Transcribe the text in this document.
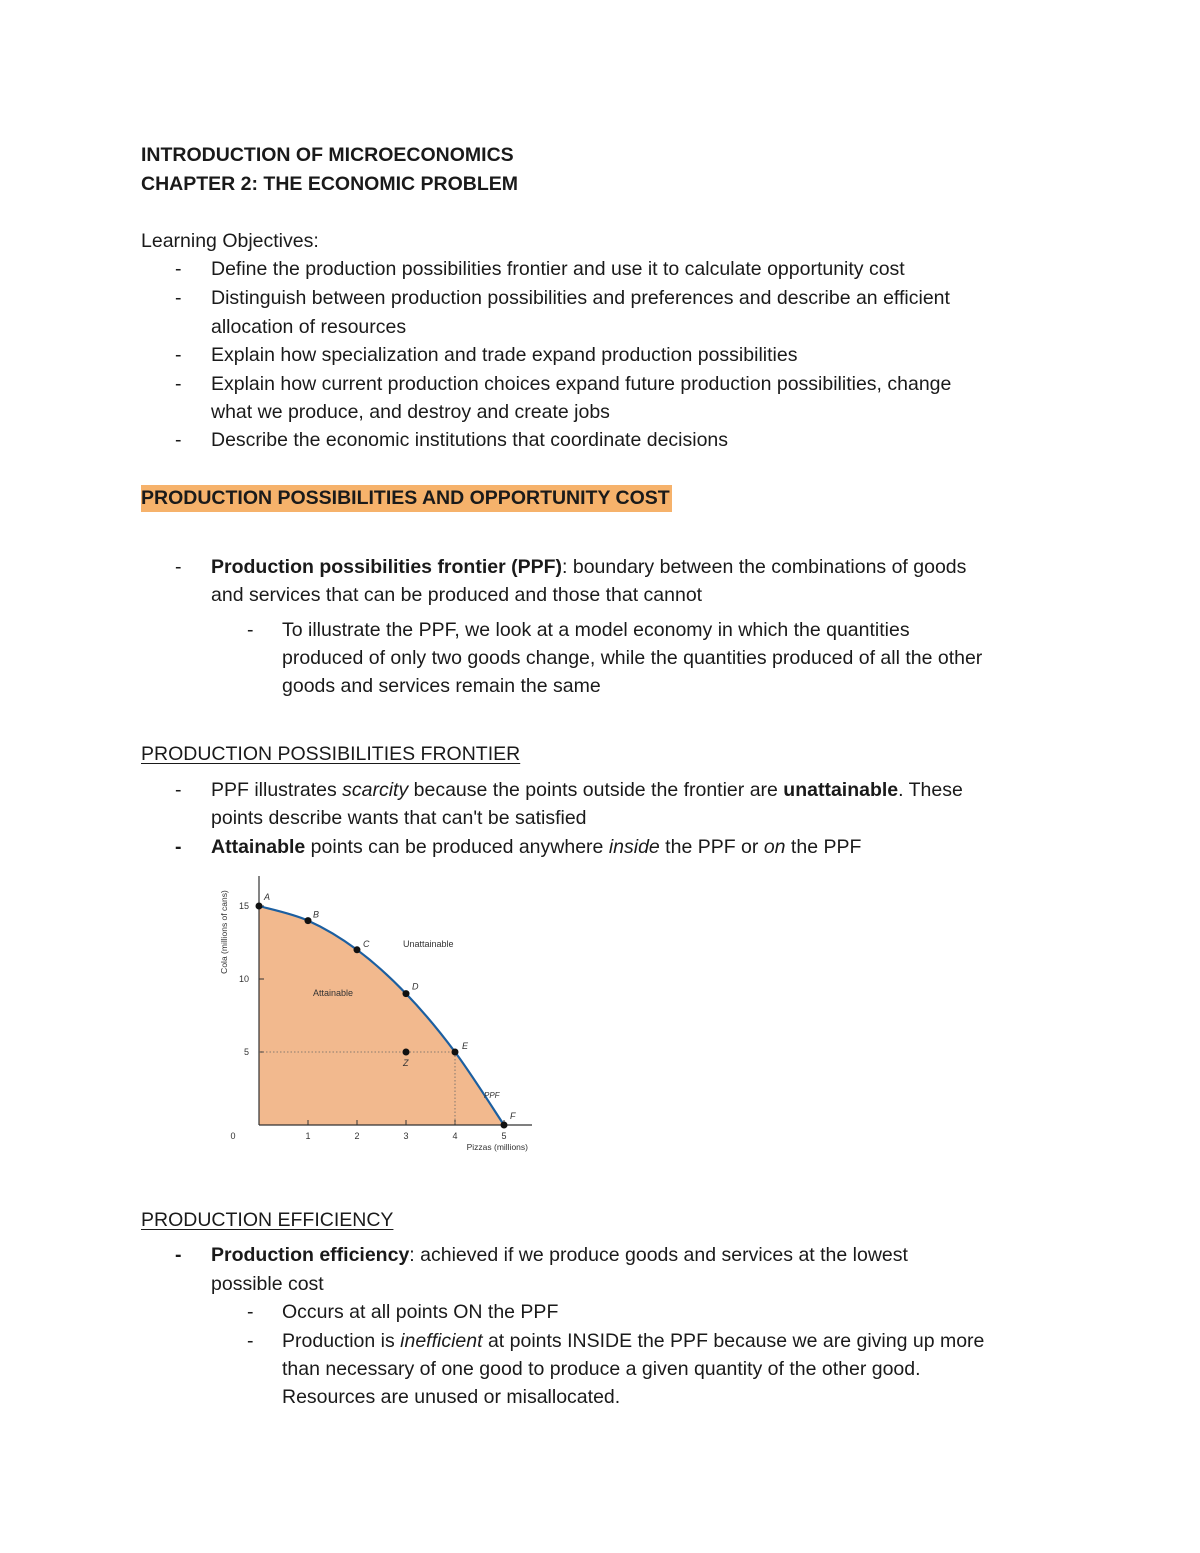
INTRODUCTION OF MICROECONOMICS
CHAPTER 2: THE ECONOMIC PROBLEM
Learning Objectives:
- Define the production possibilities frontier and use it to calculate opportunity cost
- Distinguish between production possibilities and preferences and describe an efficient
allocation of resources
- Explain how specialization and trade expand production possibilities
- Explain how current production choices expand future production possibilities, change
what we produce, and destroy and create jobs
- Describe the economic institutions that coordinate decisions
PRODUCTION POSSIBILITIES AND OPPORTUNITY COST
- Production possibilities frontier (PPF): boundary between the combinations of goods
and services that can be produced and those that cannot
- To illustrate the PPF, we look at a model economy in which the quantities
produced of only two goods change, while the quantities produced of all the other
goods and services remain the same
PRODUCTION POSSIBILITIES FRONTIER
- PPF illustrates scarcity because the points outside the frontier are unattainable. These
points describe wants that can't be satisfied
- Attainable points can be produced anywhere inside the PPF or on the PPF
0	1	2	3	4	5
5
10
15
Pizzas (millions)
Cola (millions of cans)	A
B
C
D
E
F
Z
Attainable
Unattainable
PPF
PRODUCTION EFFICIENCY
- Production efficiency: achieved if we produce goods and services at the lowest
possible cost
- Occurs at all points ON the PPF
- Production is inefficient at points INSIDE the PPF because we are giving up more
than necessary of one good to produce a given quantity of the other good.
Resources are unused or misallocated.
